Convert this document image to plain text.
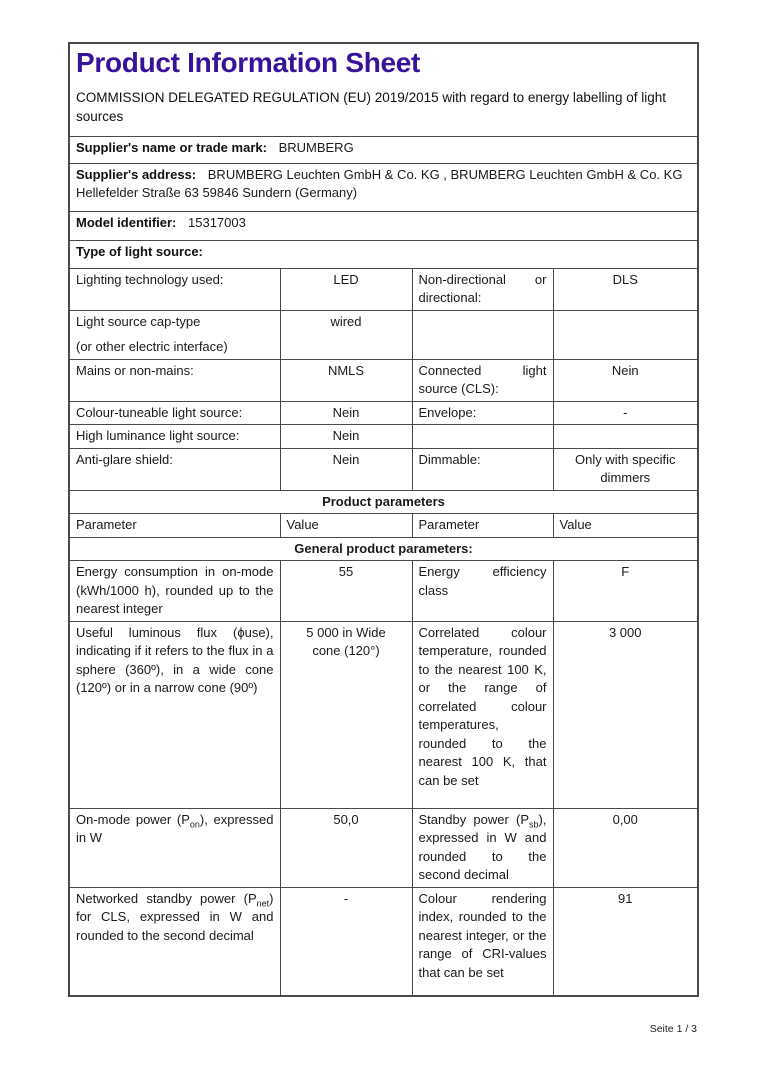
Product Information Sheet

COMMISSION DELEGATED REGULATION (EU) 2019/2015 with regard to energy labelling of light sources

Supplier's name or trade mark: BRUMBERG			
Supplier's address: BRUMBERG Leuchten GmbH & Co. KG , BRUMBERG Leuchten GmbH & Co. KG Hellefelder Straße 63 59846 Sundern (Germany)			
Model identifier: 15317003			
Type of light source:			
Lighting technology used:	LED	Non-directional or directional:	DLS

Light source cap-type

(or other electric interface)	wired		
Mains or non-mains:	NMLS	Connected light source (CLS):	Nein
Colour-tuneable light source:	Nein	Envelope:	-
High luminance light source:	Nein		
Anti-glare shield:	Nein	Dimmable:	Only with specific dimmers
Product parameters			
Parameter	Value	Parameter	Value
General product parameters:			
Energy consumption in on-mode (kWh/1000 h), rounded up to the nearest integer	55	Energy efficiency class	F
Useful luminous flux (ϕuse), indicating if it refers to the flux in a sphere (360º), in a wide cone (120º) or in a narrow cone (90º)	5 000 in Wide cone (120°)	Correlated colour temperature, rounded to the nearest 100 K, or the range of correlated colour temperatures, rounded to the nearest 100 K, that can be set	3 000
On-mode power $(P_{on})$, expressed in W	50,0	Standby power $(P_{sb})$, expressed in W and rounded to the second decimal	0,00
Networked standby power $(P_{net})$ for CLS, expressed in W and rounded to the second decimal	-	Colour rendering index, rounded to the nearest integer, or the range of CRI-values that can be set	91
Seite 1 / 3
